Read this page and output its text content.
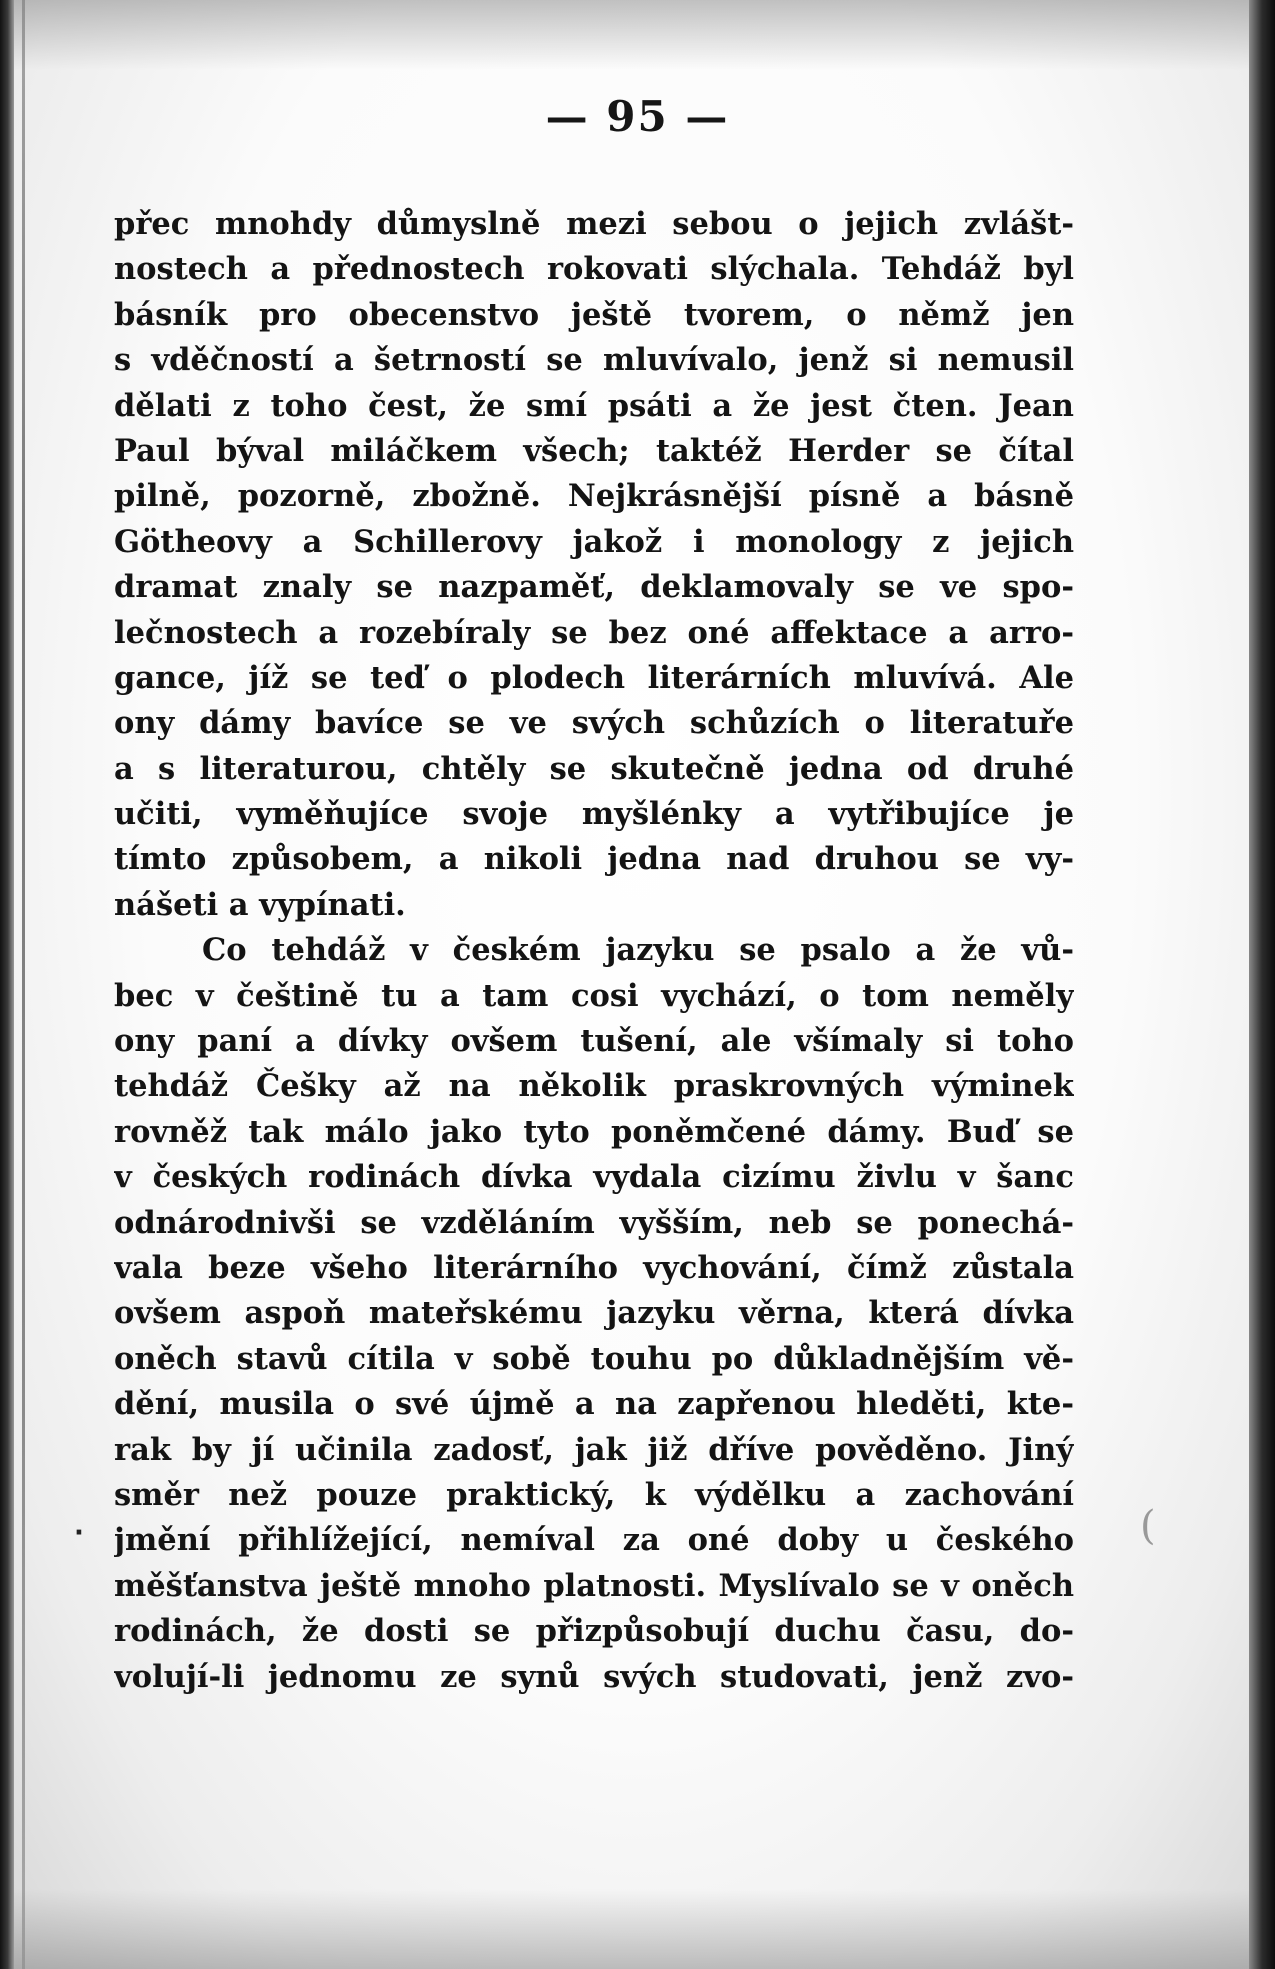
— 95 —
přec mnohdy důmyslně mezi sebou o jejich zvlášt-
nostech a přednostech rokovati slýchala. Tehdáž byl
básník pro obecenstvo ještě tvorem, o němž jen
s vděčností a šetrností se mluvívalo, jenž si nemusil
dělati z toho čest, že smí psáti a že jest čten. Jean
Paul býval miláčkem všech; taktéž Herder se čítal
pilně, pozorně, zbožně. Nejkrásnější písně a básně
Götheovy a Schillerovy jakož i monology z jejich
dramat znaly se nazpaměť, deklamovaly se ve spo-
lečnostech a rozebíraly se bez oné affektace a arro-
gance, jíž se teď o plodech literárních mluvívá. Ale
ony dámy bavíce se ve svých schůzích o literatuře
a s literaturou, chtěly se skutečně jedna od druhé
učiti, vyměňujíce svoje myšlénky a vytřibujíce je
tímto způsobem, a nikoli jedna nad druhou se vy-
nášeti a vypínati.
Co tehdáž v českém jazyku se psalo a že vů-
bec v češtině tu a tam cosi vychází, o tom neměly
ony paní a dívky ovšem tušení, ale všímaly si toho
tehdáž Češky až na několik praskrovných výminek
rovněž tak málo jako tyto poněmčené dámy. Buď se
v českých rodinách dívka vydala cizímu živlu v šanc
odnárodnivši se vzděláním vyšším, neb se ponechá-
vala beze všeho literárního vychování, čímž zůstala
ovšem aspoň mateřskému jazyku věrna, která dívka
oněch stavů cítila v sobě touhu po důkladnějším vě-
dění, musila o své újmě a na zapřenou hleděti, kte-
rak by jí učinila zadosť, jak již dříve pověděno. Jiný
směr než pouze praktický, k výdělku a zachování
jmění přihlížející, nemíval za oné doby u českého
měšťanstva ještě mnoho platnosti. Myslívalo se v oněch
rodinách, že dosti se přizpůsobují duchu času, do-
volují-li jednomu ze synů svých studovati, jenž zvo-
·	(
